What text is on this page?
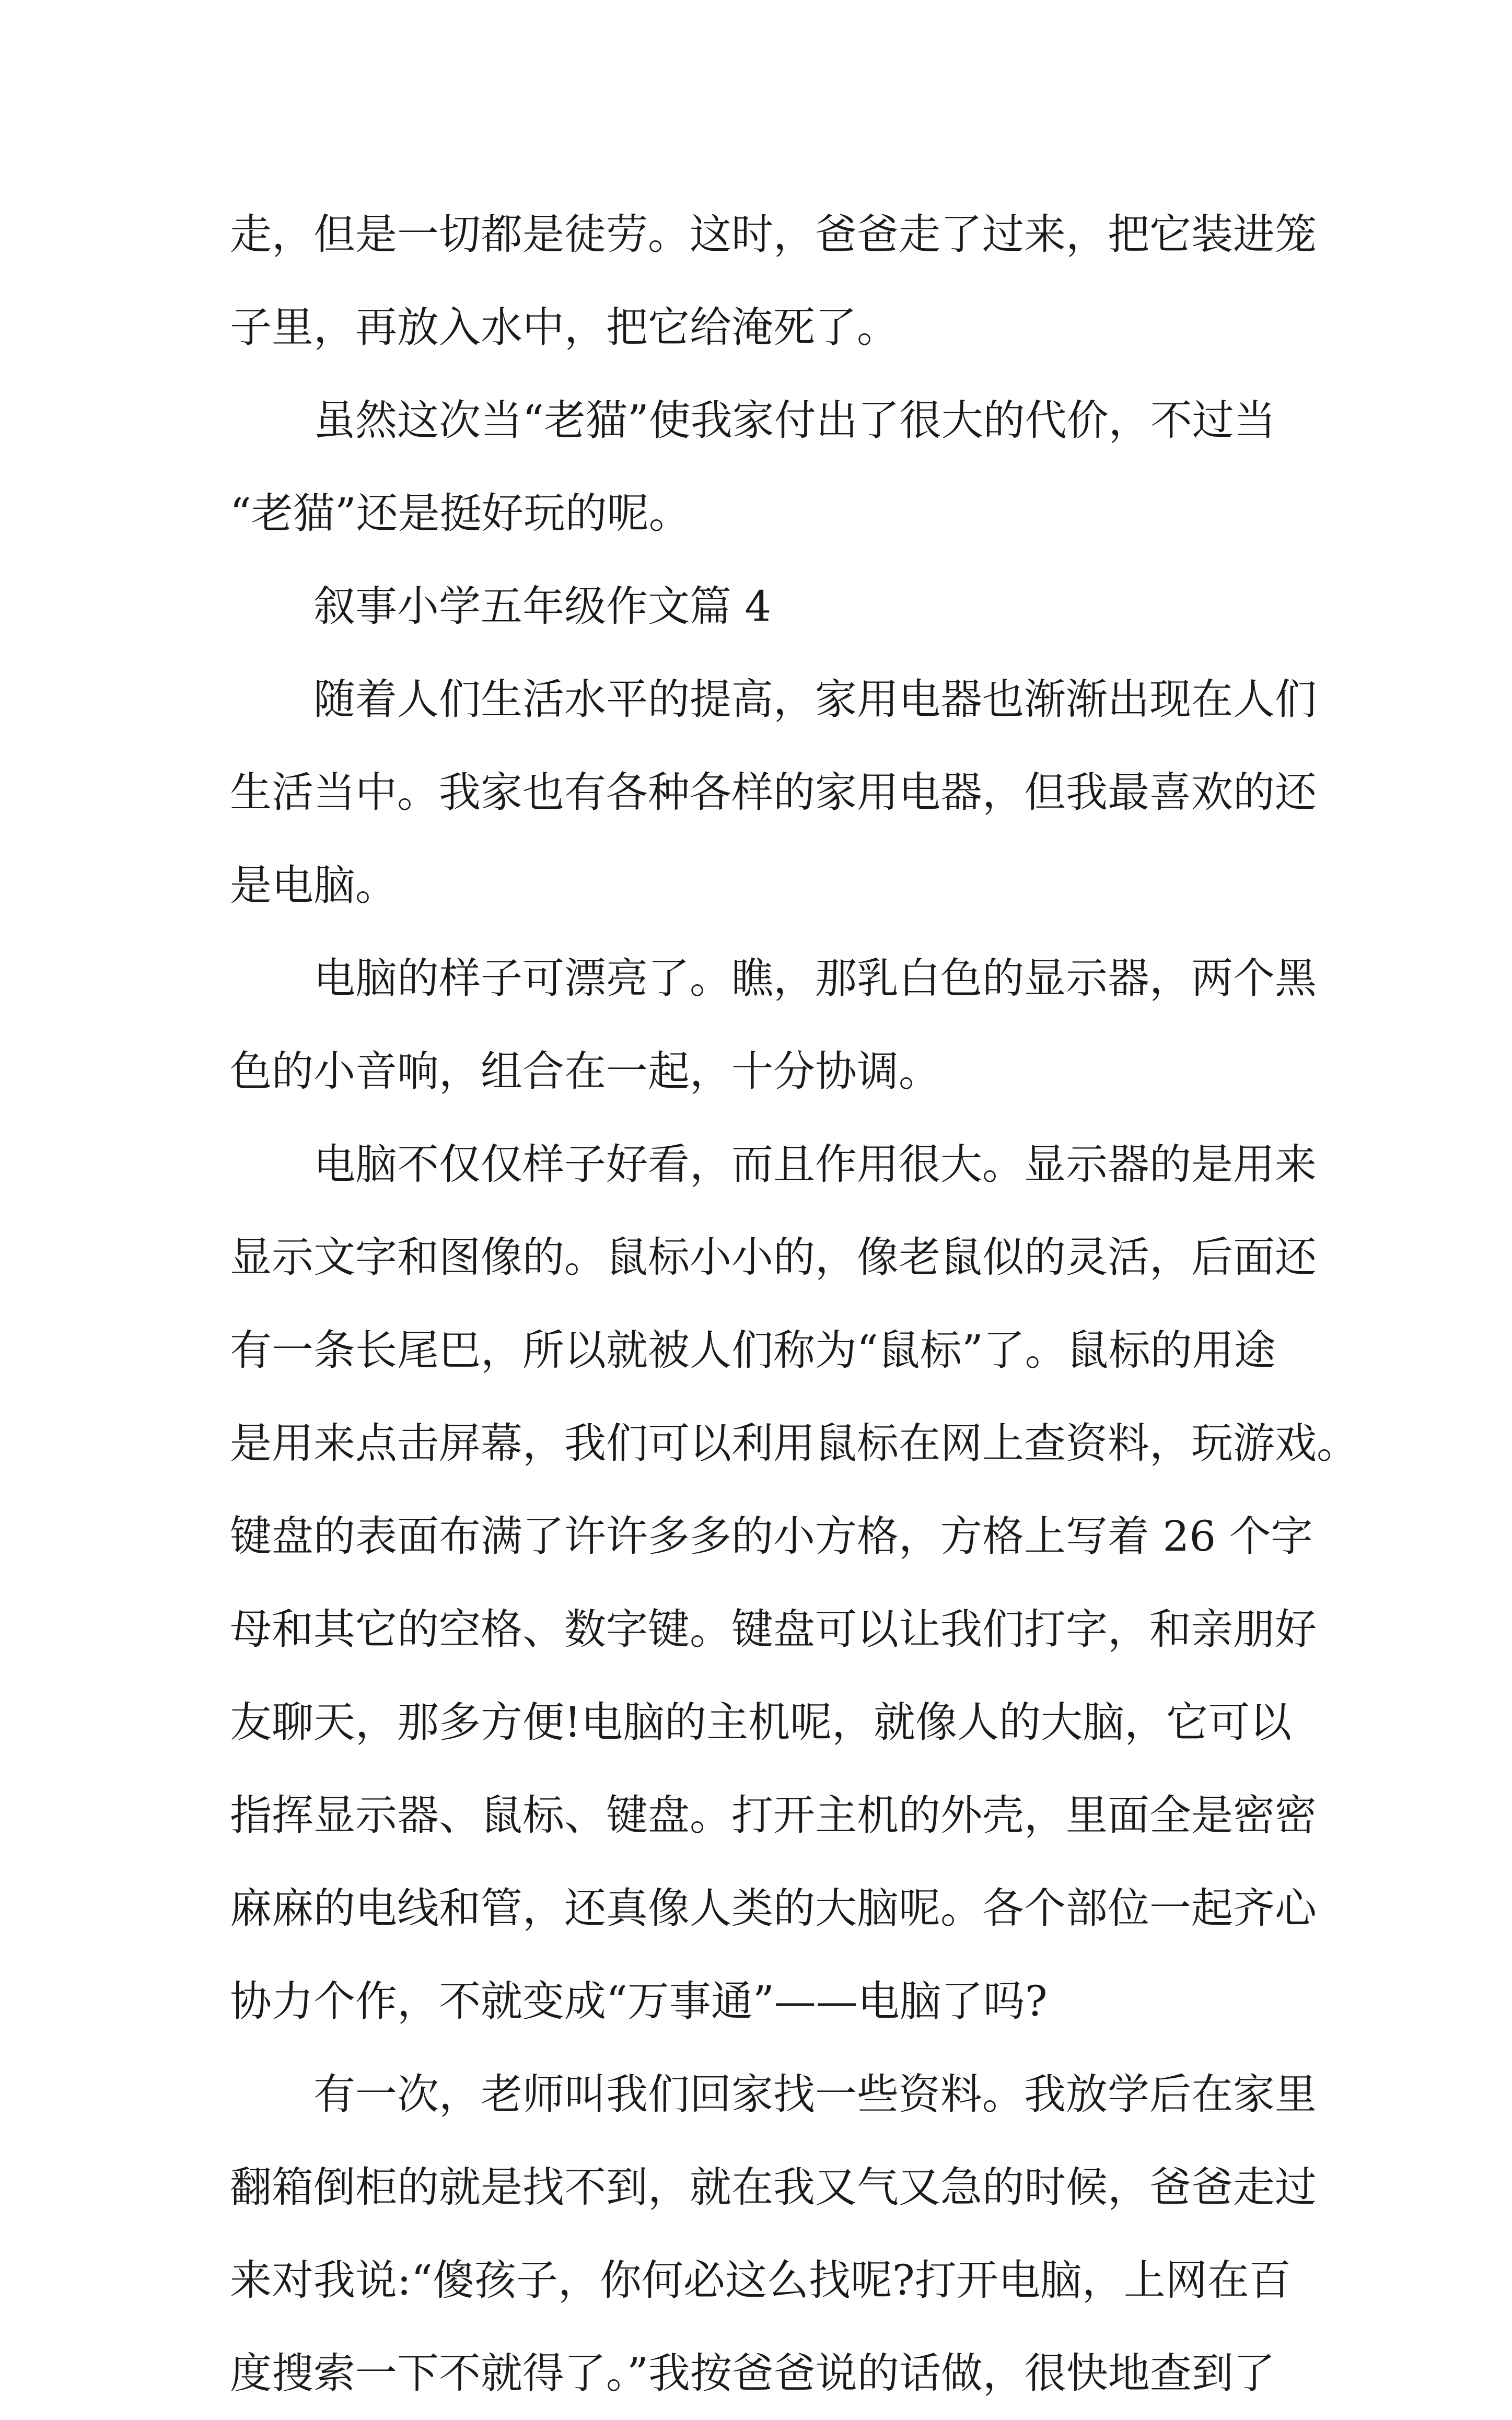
走，但是一切都是徒劳。这时，爸爸走了过来，把它装进笼
子里，再放入水中，把它给淹死了。
虽然这次当“老猫”使我家付出了很大的代价，不过当
“老猫”还是挺好玩的呢。
叙事小学五年级作文篇 4
随着人们生活水平的提高，家用电器也渐渐出现在人们
生活当中。我家也有各种各样的家用电器，但我最喜欢的还
是电脑。
电脑的样子可漂亮了。瞧，那乳白色的显示器，两个黑
色的小音响，组合在一起，十分协调。
电脑不仅仅样子好看，而且作用很大。显示器的是用来
显示文字和图像的。鼠标小小的，像老鼠似的灵活，后面还
有一条长尾巴，所以就被人们称为“鼠标”了。鼠标的用途
是用来点击屏幕，我们可以利用鼠标在网上查资料，玩游戏。
键盘的表面布满了许许多多的小方格，方格上写着 26 个字
母和其它的空格、数字键。键盘可以让我们打字，和亲朋好
友聊天，那多方便!电脑的主机呢，就像人的大脑，它可以
指挥显示器、鼠标、键盘。打开主机的外壳，里面全是密密
麻麻的电线和管，还真像人类的大脑呢。各个部位一起齐心
协力个作，不就变成“万事通”——电脑了吗?
有一次，老师叫我们回家找一些资料。我放学后在家里
翻箱倒柜的就是找不到，就在我又气又急的时候，爸爸走过
来对我说:“傻孩子，你何必这么找呢?打开电脑，上网在百
度搜索一下不就得了。”我按爸爸说的话做，很快地查到了
